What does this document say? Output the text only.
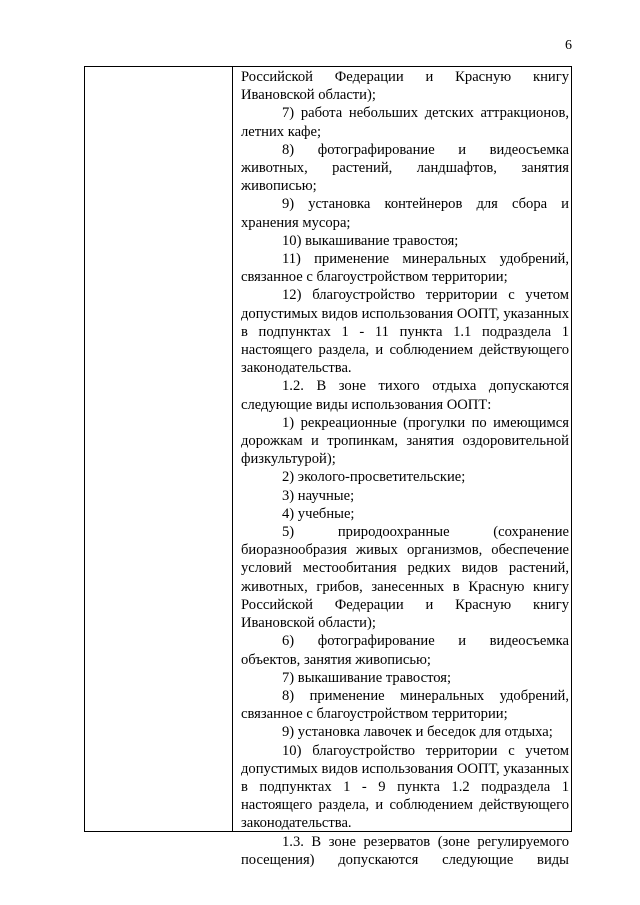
6

Российской Федерации и Красную книгу Ивановской области);

7) работа небольших детских аттракционов, летних кафе;

8) фотографирование и видеосъемка животных, растений, ландшафтов, занятия живописью;

9) установка контейнеров для сбора и хранения мусора;

10) выкашивание травостоя;

11) применение минеральных удобрений, связанное с благоустройством территории;

12) благоустройство территории с учетом допустимых видов использования ООПТ, указанных в подпунктах 1 - 11 пункта 1.1 подраздела 1 настоящего раздела, и соблюдением действующего законодательства.

1.2. В зоне тихого отдыха допускаются следующие виды использования ООПТ:

1) рекреационные (прогулки по имеющимся дорожкам и тропинкам, занятия оздоровительной физкультурой);

2) эколого-просветительские;

3) научные;

4) учебные;

5) природоохранные (сохранение биоразнообразия живых организмов, обеспечение условий местообитания редких видов растений, животных, грибов, занесенных в Красную книгу Российской Федерации и Красную книгу Ивановской области);

6) фотографирование и видеосъемка объектов, занятия живописью;

7) выкашивание травостоя;

8) применение минеральных удобрений, связанное с благоустройством территории;

9) установка лавочек и беседок для отдыха;

10) благоустройство территории с учетом допустимых видов использования ООПТ, указанных в подпунктах 1 - 9 пункта 1.2 подраздела 1 настоящего раздела, и соблюдением действующего законодательства.

1.3. В зоне резерватов (зоне регулируемого посещения) допускаются следующие виды
